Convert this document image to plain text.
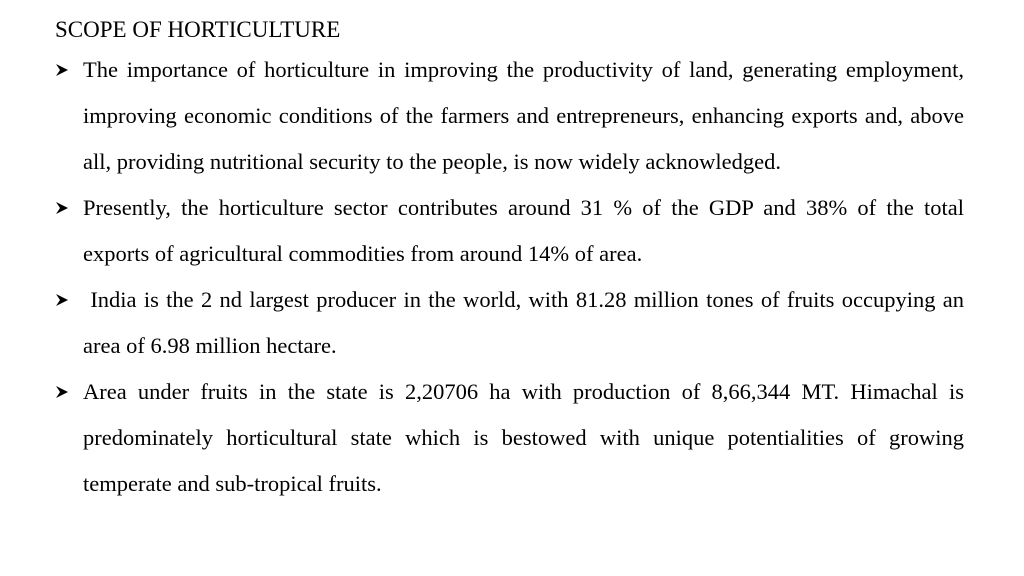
SCOPE OF HORTICULTURE
The importance of horticulture in improving the productivity of land, generating employment, improving economic conditions of the farmers and entrepreneurs, enhancing exports and, above all, providing nutritional security to the people, is now widely acknowledged.
Presently, the horticulture sector contributes around 31 % of the GDP and 38% of the total exports of agricultural commodities from around 14% of area.
India is the 2 nd largest producer in the world, with 81.28 million tones of fruits occupying an area of 6.98 million hectare.
Area under fruits in the state is 2,20706 ha with production of 8,66,344 MT. Himachal is predominately horticultural state which is bestowed with unique potentialities of growing temperate and sub-tropical fruits.
